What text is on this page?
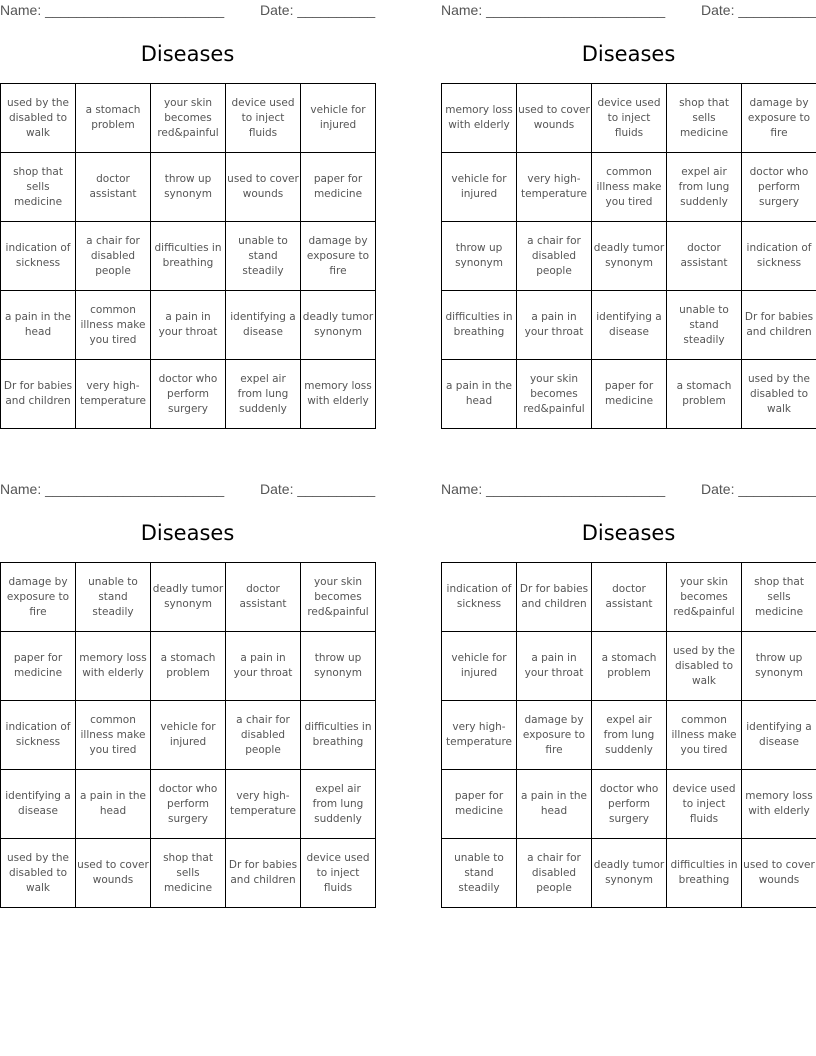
Name: _______________________	Date: __________
Diseases
used by the disabled to walk	a stomach problem	your skin becomes red&painful	device used to inject fluids	vehicle for injured
shop that sells medicine	doctor assistant	throw up synonym	used to cover wounds	paper for medicine
indication of sickness	a chair for disabled people	difficulties in breathing	unable to stand steadily	damage by exposure to fire
a pain in the head	common illness make you tired	a pain in your throat	identifying a disease	deadly tumor synonym
Dr for babies and children	very high-temperature	doctor who perform surgery	expel air from lung suddenly	memory loss with elderly
Name: _______________________	Date: __________
Diseases
memory loss with elderly	used to cover wounds	device used to inject fluids	shop that sells medicine	damage by exposure to fire
vehicle for injured	very high-temperature	common illness make you tired	expel air from lung suddenly	doctor who perform surgery
throw up synonym	a chair for disabled people	deadly tumor synonym	doctor assistant	indication of sickness
difficulties in breathing	a pain in your throat	identifying a disease	unable to stand steadily	Dr for babies and children
a pain in the head	your skin becomes red&painful	paper for medicine	a stomach problem	used by the disabled to walk
Name: _______________________	Date: __________
Diseases
damage by exposure to fire	unable to stand steadily	deadly tumor synonym	doctor assistant	your skin becomes red&painful
paper for medicine	memory loss with elderly	a stomach problem	a pain in your throat	throw up synonym
indication of sickness	common illness make you tired	vehicle for injured	a chair for disabled people	difficulties in breathing
identifying a disease	a pain in the head	doctor who perform surgery	very high-temperature	expel air from lung suddenly
used by the disabled to walk	used to cover wounds	shop that sells medicine	Dr for babies and children	device used to inject fluids
Name: _______________________	Date: __________
Diseases
indication of sickness	Dr for babies and children	doctor assistant	your skin becomes red&painful	shop that sells medicine
vehicle for injured	a pain in your throat	a stomach problem	used by the disabled to walk	throw up synonym
very high-temperature	damage by exposure to fire	expel air from lung suddenly	common illness make you tired	identifying a disease
paper for medicine	a pain in the head	doctor who perform surgery	device used to inject fluids	memory loss with elderly
unable to stand steadily	a chair for disabled people	deadly tumor synonym	difficulties in breathing	used to cover wounds
